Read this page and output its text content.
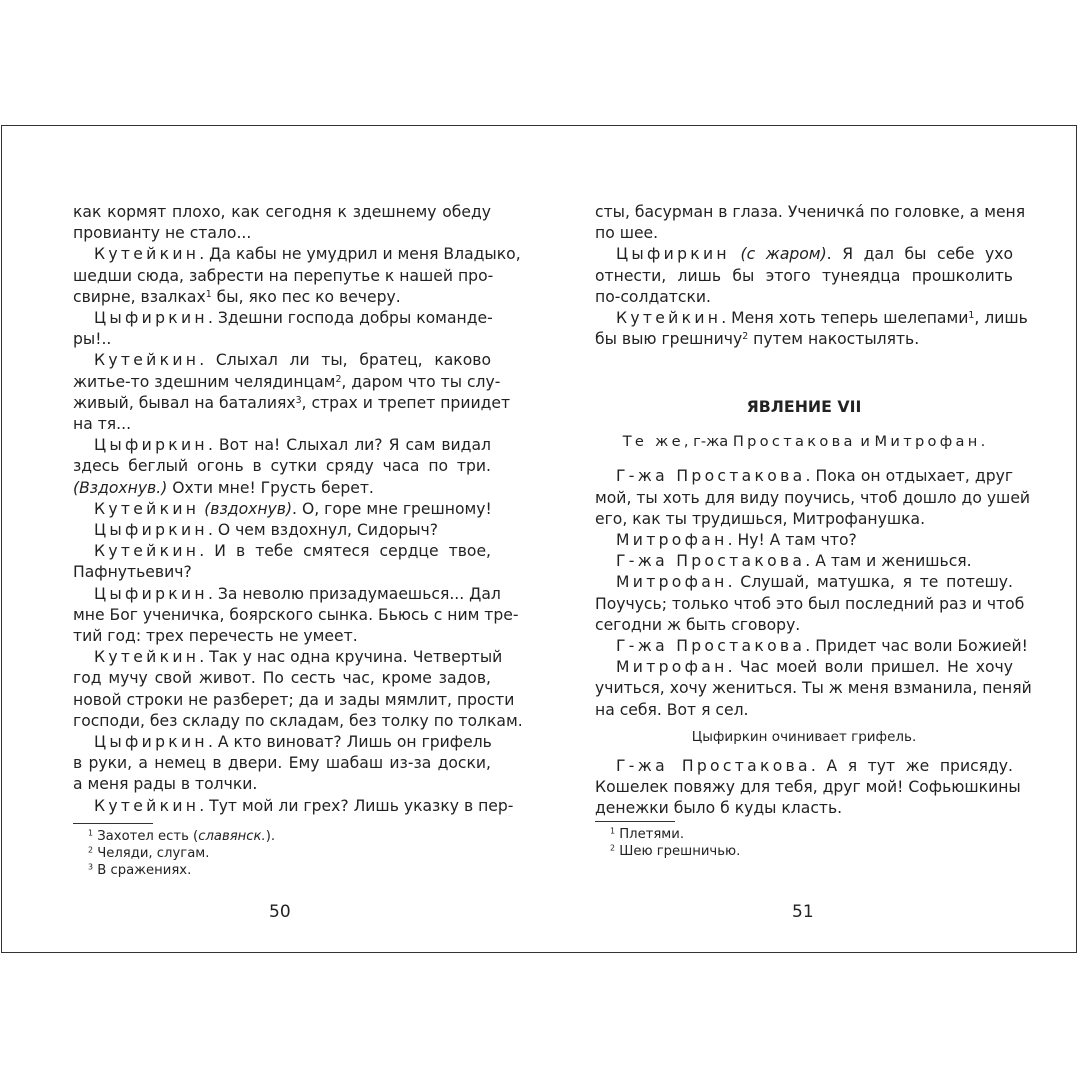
как кормят плохо, как сегодня к здешнему обеду
провианту не стало...
Кутейкин. Да кабы не умудрил и меня Владыко,
шедши сюда, забрести на перепутье к нашей про-
свирне, взалках$^1$ бы, яко пес ко вечеру.
Цыфиркин. Здешни господа добры командe-
ры!..
Кутейкин. Слыхал ли ты, братец, каково
житье-то здешним челядинцам$^2$, даром что ты слу-
живый, бывал на баталиях$^3$, страх и трепет приидет
на тя...
Цыфиркин. Вот на! Слыхал ли? Я сам видал
здесь беглый огонь в сутки сряду часа по три.
(Вздохнув.) Охти мне! Грусть берет.
Кутейкин (вздохнув). О, горе мне грешному!
Цыфиркин. О чем вздохнул, Сидорыч?
Кутейкин. И в тебе смятеся сердце твое,
Пафнутьевич?
Цыфиркин. За неволю призадумаешься... Дал
мне Бог ученичка, боярского сынка. Бьюсь с ним тре-
тий год: трех перечесть не умеет.
Кутейкин. Так у нас одна кручина. Четвертый
год мучу свой живот. По сесть час, кроме задов,
новой строки не разберет; да и зады мямлит, прости
господи, без складу по складам, без толку по толкам.
Цыфиркин. А кто виноват? Лишь он грифель
в руки, а немец в двери. Ему шабаш из-за доски,
а меня рады в толчки.
Кутейкин. Тут мой ли грех? Лишь указку в пер-
$^1$ Захотел есть (славянск.).
$^2$ Челяди, слугам.
$^3$ В сражениях.
сты, басурман в глаза. Ученичкá по головке, а меня
по шее.
Цыфиркин (с жаром). Я дал бы себе ухо
отнести, лишь бы этого тунеядца прошколить
по-солдатски.
Кутейкин. Меня хоть теперь шелепами$^1$, лишь
бы выю грешничу$^2$ путем накостылять.
ЯВЛЕНИЕ VII
Те же, г-жа Простакова и Митрофан.
Г-жа Простакова. Пока он отдыхает, друг
мой, ты хоть для виду поучись, чтоб дошло до ушей
его, как ты трудишься, Митрофанушка.
Митрофан. Ну! А там что?
Г-жа Простакова. А там и женишься.
Митрофан. Слушай, матушка, я те потешу.
Поучусь; только чтоб это был последний раз и чтоб
сегодни ж быть сговору.
Г-жа Простакова. Придет час воли Божией!
Митрофан. Час моей воли пришел. Не хочу
учиться, хочу жениться. Ты ж меня взманила, пеняй
на себя. Вот я сел.
Цыфиркин очинивает грифель.
Г-жа Простакова. А я тут же присяду.
Кошелек повяжу для тебя, друг мой! Софьюшкины
денежки было б куды класть.
$^1$ Плетями.
$^2$ Шею грешничью.
50	51
